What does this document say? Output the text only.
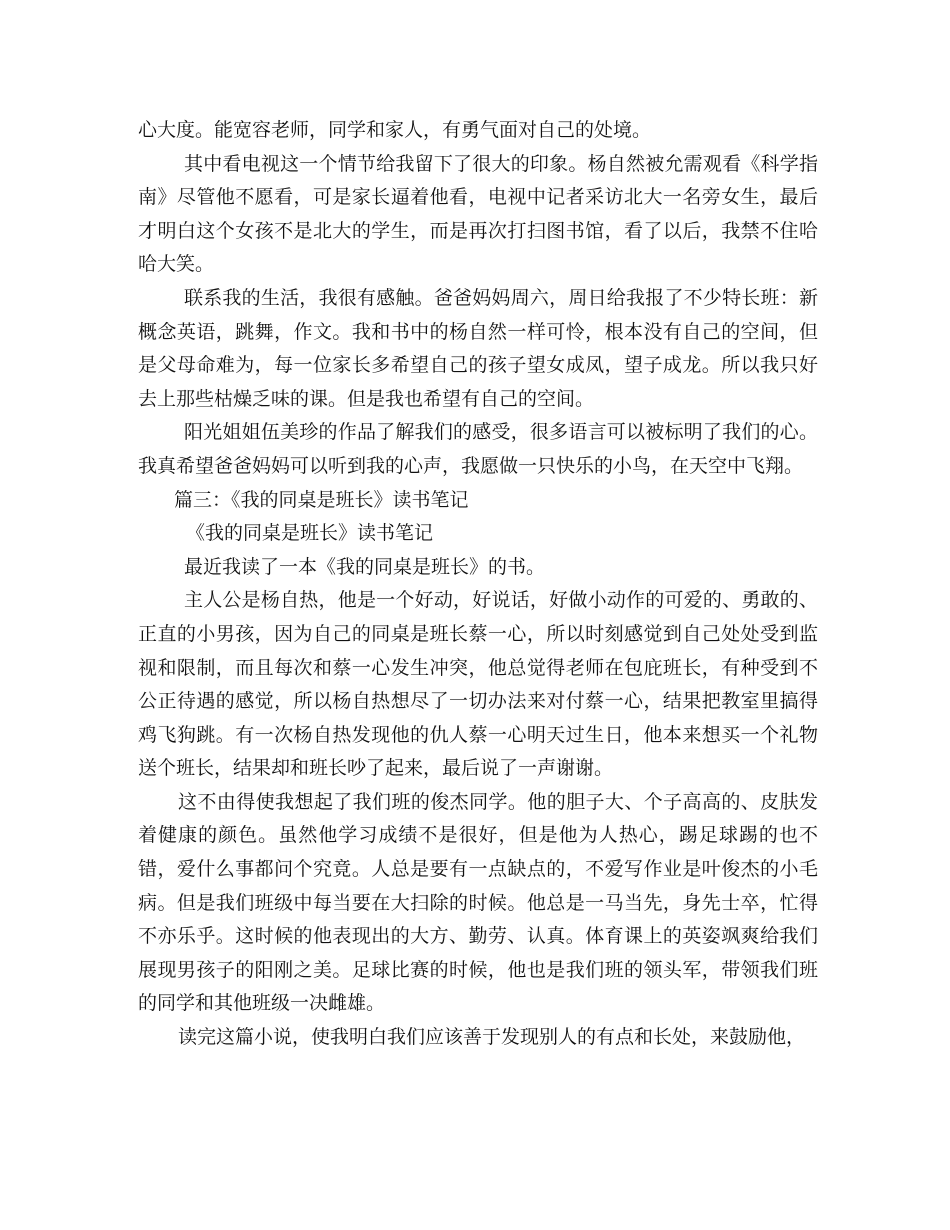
心大度。能宽容老师，同学和家人，有勇气面对自己的处境。

其中看电视这一个情节给我留下了很大的印象。杨自然被允需观看《科学指南》尽管他不愿看，可是家长逼着他看，电视中记者采访北大一名旁女生，最后才明白这个女孩不是北大的学生，而是再次打扫图书馆，看了以后，我禁不住哈哈大笑。

联系我的生活，我很有感触。爸爸妈妈周六，周日给我报了不少特长班：新概念英语，跳舞，作文。我和书中的杨自然一样可怜，根本没有自己的空间，但是父母命难为，每一位家长多希望自己的孩子望女成凤，望子成龙。所以我只好去上那些枯燥乏味的课。但是我也希望有自己的空间。

阳光姐姐伍美珍的作品了解我们的感受，很多语言可以被标明了我们的心。我真希望爸爸妈妈可以听到我的心声，我愿做一只快乐的小鸟，在天空中飞翔。

篇三：《我的同桌是班长》读书笔记

《我的同桌是班长》读书笔记

最近我读了一本《我的同桌是班长》的书。

主人公是杨自热，他是一个好动，好说话，好做小动作的可爱的、勇敢的、正直的小男孩，因为自己的同桌是班长蔡一心，所以时刻感觉到自己处处受到监视和限制，而且每次和蔡一心发生冲突，他总觉得老师在包庇班长，有种受到不公正待遇的感觉，所以杨自热想尽了一切办法来对付蔡一心，结果把教室里搞得鸡飞狗跳。有一次杨自热发现他的仇人蔡一心明天过生日，他本来想买一个礼物送个班长，结果却和班长吵了起来，最后说了一声谢谢。

这不由得使我想起了我们班的俊杰同学。他的胆子大、个子高高的、皮肤发着健康的颜色。虽然他学习成绩不是很好，但是他为人热心，踢足球踢的也不错，爱什么事都问个究竟。人总是要有一点缺点的，不爱写作业是叶俊杰的小毛病。但是我们班级中每当要在大扫除的时候。他总是一马当先，身先士卒，忙得不亦乐乎。这时候的他表现出的大方、勤劳、认真。体育课上的英姿飒爽给我们展现男孩子的阳刚之美。足球比赛的时候，他也是我们班的领头军，带领我们班的同学和其他班级一决雌雄。

读完这篇小说，使我明白我们应该善于发现别人的有点和长处，来鼓励他，
